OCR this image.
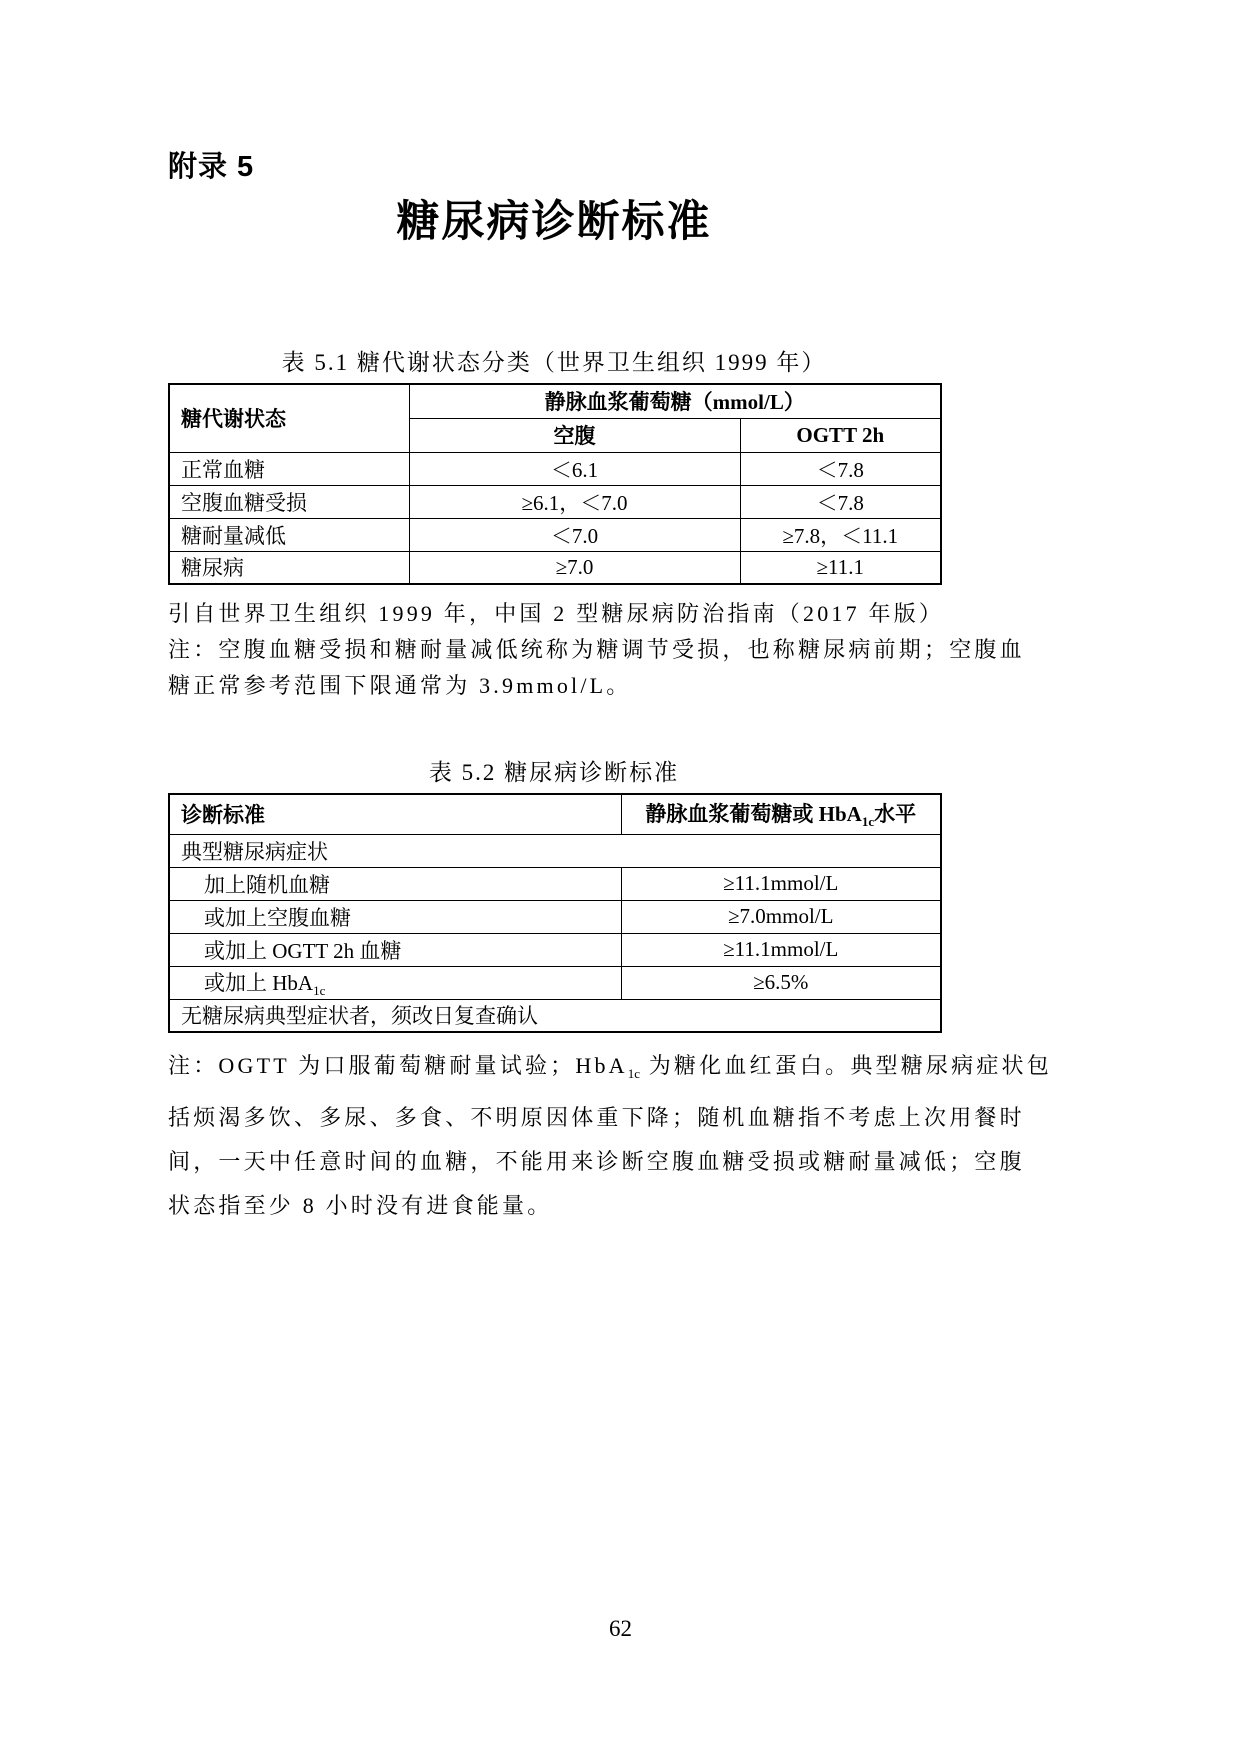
附录 5
糖尿病诊断标准
表 5.1 糖代谢状态分类（世界卫生组织 1999 年）
糖代谢状态	静脉血浆葡萄糖（mmol/L）	
	空腹	OGTT 2h
正常血糖	＜6.1	＜7.8
空腹血糖受损	≥6.1，＜7.0	＜7.8
糖耐量减低	＜7.0	≥7.8，＜11.1
糖尿病	≥7.0	≥11.1
引自世界卫生组织 1999 年，中国 2 型糖尿病防治指南（2017 年版）
注：空腹血糖受损和糖耐量减低统称为糖调节受损，也称糖尿病前期；空腹血
糖正常参考范围下限通常为 3.9mmol/L。
表 5.2 糖尿病诊断标准
诊断标准	静脉血浆葡萄糖或 HbA$_{1c}$水平
典型糖尿病症状	
加上随机血糖	≥11.1mmol/L
或加上空腹血糖	≥7.0mmol/L
或加上 OGTT 2h 血糖	≥11.1mmol/L
或加上 HbA$_{1c}$	≥6.5%
无糖尿病典型症状者，须改日复查确认	
注：OGTT 为口服葡萄糖耐量试验；HbA$_{1c}$ 为糖化血红蛋白。典型糖尿病症状包
括烦渴多饮、多尿、多食、不明原因体重下降；随机血糖指不考虑上次用餐时
间，一天中任意时间的血糖，不能用来诊断空腹血糖受损或糖耐量减低；空腹
状态指至少 8 小时没有进食能量。
62
